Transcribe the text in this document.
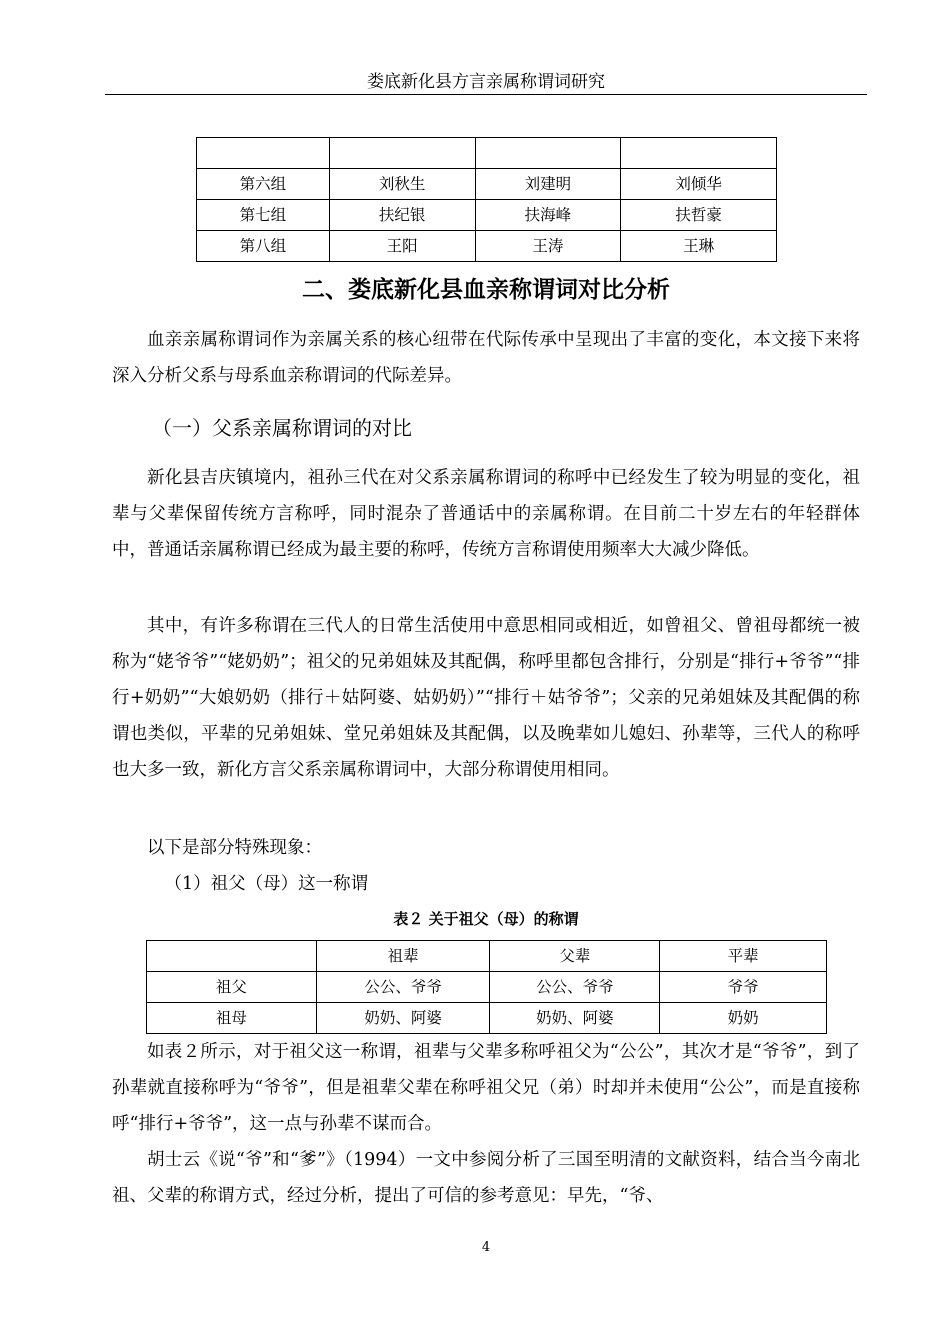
娄底新化县方言亲属称谓词研究

第六组	刘秋生	刘建明	刘倾华
第七组	扶纪银	扶海峰	扶哲豪
第八组	王阳	王涛	王琳
二、娄底新化县血亲称谓词对比分析

血亲亲属称谓词作为亲属关系的核心纽带在代际传承中呈现出了丰富的变化，本文接下来将深入分析父系与母系血亲称谓词的代际差异。

（一）父系亲属称谓词的对比

新化县吉庆镇境内，祖孙三代在对父系亲属称谓词的称呼中已经发生了较为明显的变化，祖辈与父辈保留传统方言称呼，同时混杂了普通话中的亲属称谓。在目前二十岁左右的年轻群体中，普通话亲属称谓已经成为最主要的称呼，传统方言称谓使用频率大大减少降低。

其中，有许多称谓在三代人的日常生活使用中意思相同或相近，如曾祖父、曾祖母都统一被称为“姥爷爷”“姥奶奶”；祖父的兄弟姐妹及其配偶，称呼里都包含排行，分别是“排行+爷爷”“排行+奶奶”“大娘奶奶（排行＋姑阿婆、姑奶奶）”“排行＋姑爷爷”；父亲的兄弟姐妹及其配偶的称谓也类似，平辈的兄弟姐妹、堂兄弟姐妹及其配偶，以及晚辈如儿媳妇、孙辈等，三代人的称呼也大多一致，新化方言父系亲属称谓词中，大部分称谓使用相同。

以下是部分特殊现象：

（1）祖父（母）这一称谓

表２ 关于祖父（母）的称谓
	祖辈	父辈	平辈
祖父	公公、爷爷	公公、爷爷	爷爷
祖母	奶奶、阿婆	奶奶、阿婆	奶奶

如表２所示，对于祖父这一称谓，祖辈与父辈多称呼祖父为“公公”，其次才是“爷爷”，到了孙辈就直接称呼为“爷爷”，但是祖辈父辈在称呼祖父兄（弟）时却并未使用“公公”，而是直接称呼“排行+爷爷”，这一点与孙辈不谋而合。

胡士云《说“爷”和“爹”》（1994）一文中参阅分析了三国至明清的文献资料，结合当今南北祖、父辈的称谓方式，经过分析，提出了可信的参考意见：早先，“爷、

4
